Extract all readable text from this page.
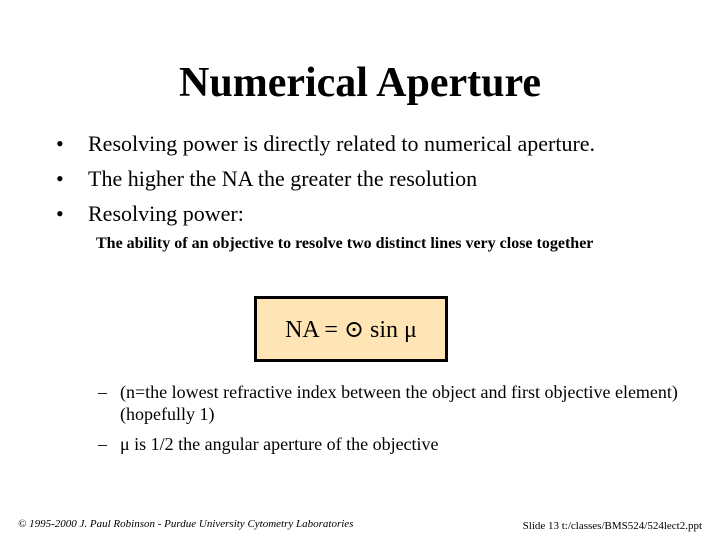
Numerical Aperture
• Resolving power is directly related to numerical aperture.
• The higher the NA the greater the resolution
• Resolving power:
The ability of an objective to resolve two distinct lines very close together
NA = ⊙ sin μ
– (n=the lowest refractive index between the object and first objective element) (hopefully 1)
– μ is 1/2 the angular aperture of the objective
© 1995-2000 J. Paul Robinson - Purdue University Cytometry Laboratories	Slide 13 t:/classes/BMS524/524lect2.ppt
